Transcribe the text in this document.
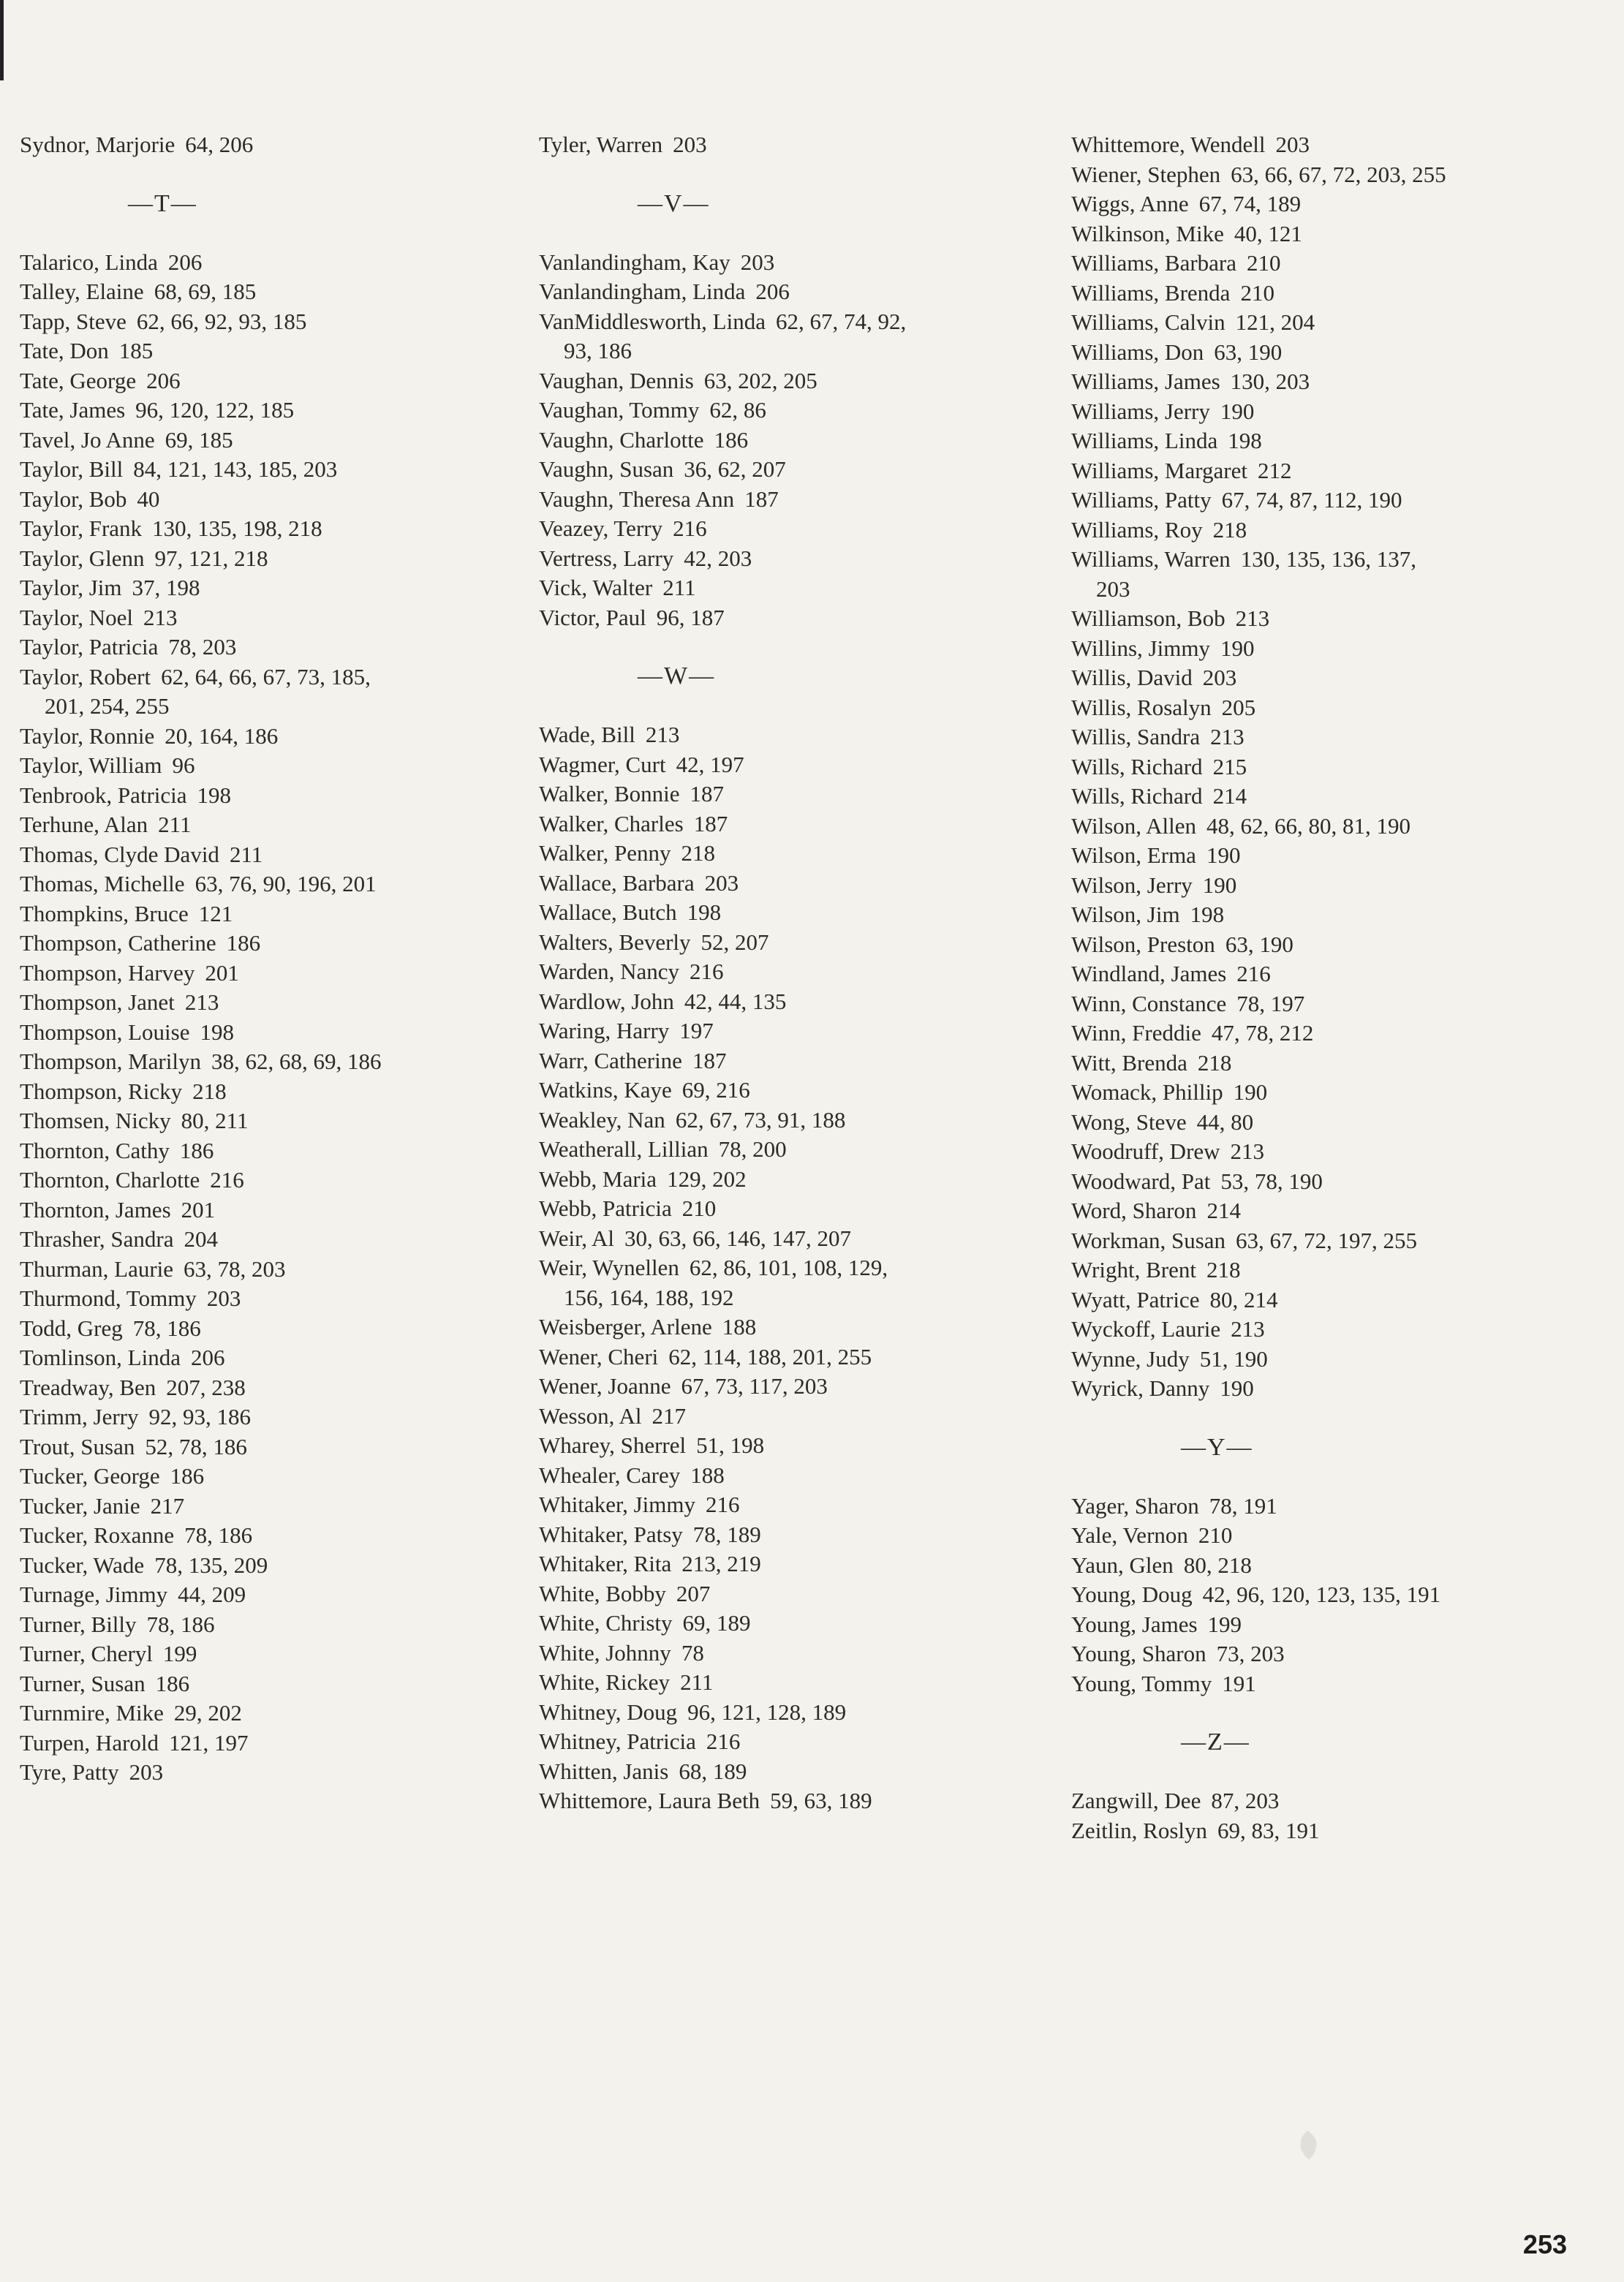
Sydnor, Marjorie 64, 206
—T—
Talarico, Linda 206
Talley, Elaine 68, 69, 185
Tapp, Steve 62, 66, 92, 93, 185
Tate, Don 185
Tate, George 206
Tate, James 96, 120, 122, 185
Tavel, Jo Anne 69, 185
Taylor, Bill 84, 121, 143, 185, 203
Taylor, Bob 40
Taylor, Frank 130, 135, 198, 218
Taylor, Glenn 97, 121, 218
Taylor, Jim 37, 198
Taylor, Noel 213
Taylor, Patricia 78, 203
Taylor, Robert 62, 64, 66, 67, 73, 185,
201, 254, 255
Taylor, Ronnie 20, 164, 186
Taylor, William 96
Tenbrook, Patricia 198
Terhune, Alan 211
Thomas, Clyde David 211
Thomas, Michelle 63, 76, 90, 196, 201
Thompkins, Bruce 121
Thompson, Catherine 186
Thompson, Harvey 201
Thompson, Janet 213
Thompson, Louise 198
Thompson, Marilyn 38, 62, 68, 69, 186
Thompson, Ricky 218
Thomsen, Nicky 80, 211
Thornton, Cathy 186
Thornton, Charlotte 216
Thornton, James 201
Thrasher, Sandra 204
Thurman, Laurie 63, 78, 203
Thurmond, Tommy 203
Todd, Greg 78, 186
Tomlinson, Linda 206
Treadway, Ben 207, 238
Trimm, Jerry 92, 93, 186
Trout, Susan 52, 78, 186
Tucker, George 186
Tucker, Janie 217
Tucker, Roxanne 78, 186
Tucker, Wade 78, 135, 209
Turnage, Jimmy 44, 209
Turner, Billy 78, 186
Turner, Cheryl 199
Turner, Susan 186
Turnmire, Mike 29, 202
Turpen, Harold 121, 197
Tyre, Patty 203
Tyler, Warren 203
—V—
Vanlandingham, Kay 203
Vanlandingham, Linda 206
VanMiddlesworth, Linda 62, 67, 74, 92,
93, 186
Vaughan, Dennis 63, 202, 205
Vaughan, Tommy 62, 86
Vaughn, Charlotte 186
Vaughn, Susan 36, 62, 207
Vaughn, Theresa Ann 187
Veazey, Terry 216
Vertress, Larry 42, 203
Vick, Walter 211
Victor, Paul 96, 187
—W—
Wade, Bill 213
Wagmer, Curt 42, 197
Walker, Bonnie 187
Walker, Charles 187
Walker, Penny 218
Wallace, Barbara 203
Wallace, Butch 198
Walters, Beverly 52, 207
Warden, Nancy 216
Wardlow, John 42, 44, 135
Waring, Harry 197
Warr, Catherine 187
Watkins, Kaye 69, 216
Weakley, Nan 62, 67, 73, 91, 188
Weatherall, Lillian 78, 200
Webb, Maria 129, 202
Webb, Patricia 210
Weir, Al 30, 63, 66, 146, 147, 207
Weir, Wynellen 62, 86, 101, 108, 129,
156, 164, 188, 192
Weisberger, Arlene 188
Wener, Cheri 62, 114, 188, 201, 255
Wener, Joanne 67, 73, 117, 203
Wesson, Al 217
Wharey, Sherrel 51, 198
Whealer, Carey 188
Whitaker, Jimmy 216
Whitaker, Patsy 78, 189
Whitaker, Rita 213, 219
White, Bobby 207
White, Christy 69, 189
White, Johnny 78
White, Rickey 211
Whitney, Doug 96, 121, 128, 189
Whitney, Patricia 216
Whitten, Janis 68, 189
Whittemore, Laura Beth 59, 63, 189
Whittemore, Wendell 203
Wiener, Stephen 63, 66, 67, 72, 203, 255
Wiggs, Anne 67, 74, 189
Wilkinson, Mike 40, 121
Williams, Barbara 210
Williams, Brenda 210
Williams, Calvin 121, 204
Williams, Don 63, 190
Williams, James 130, 203
Williams, Jerry 190
Williams, Linda 198
Williams, Margaret 212
Williams, Patty 67, 74, 87, 112, 190
Williams, Roy 218
Williams, Warren 130, 135, 136, 137,
203
Williamson, Bob 213
Willins, Jimmy 190
Willis, David 203
Willis, Rosalyn 205
Willis, Sandra 213
Wills, Richard 215
Wills, Richard 214
Wilson, Allen 48, 62, 66, 80, 81, 190
Wilson, Erma 190
Wilson, Jerry 190
Wilson, Jim 198
Wilson, Preston 63, 190
Windland, James 216
Winn, Constance 78, 197
Winn, Freddie 47, 78, 212
Witt, Brenda 218
Womack, Phillip 190
Wong, Steve 44, 80
Woodruff, Drew 213
Woodward, Pat 53, 78, 190
Word, Sharon 214
Workman, Susan 63, 67, 72, 197, 255
Wright, Brent 218
Wyatt, Patrice 80, 214
Wyckoff, Laurie 213
Wynne, Judy 51, 190
Wyrick, Danny 190
—Y—
Yager, Sharon 78, 191
Yale, Vernon 210
Yaun, Glen 80, 218
Young, Doug 42, 96, 120, 123, 135, 191
Young, James 199
Young, Sharon 73, 203
Young, Tommy 191
—Z—
Zangwill, Dee 87, 203
Zeitlin, Roslyn 69, 83, 191
253
